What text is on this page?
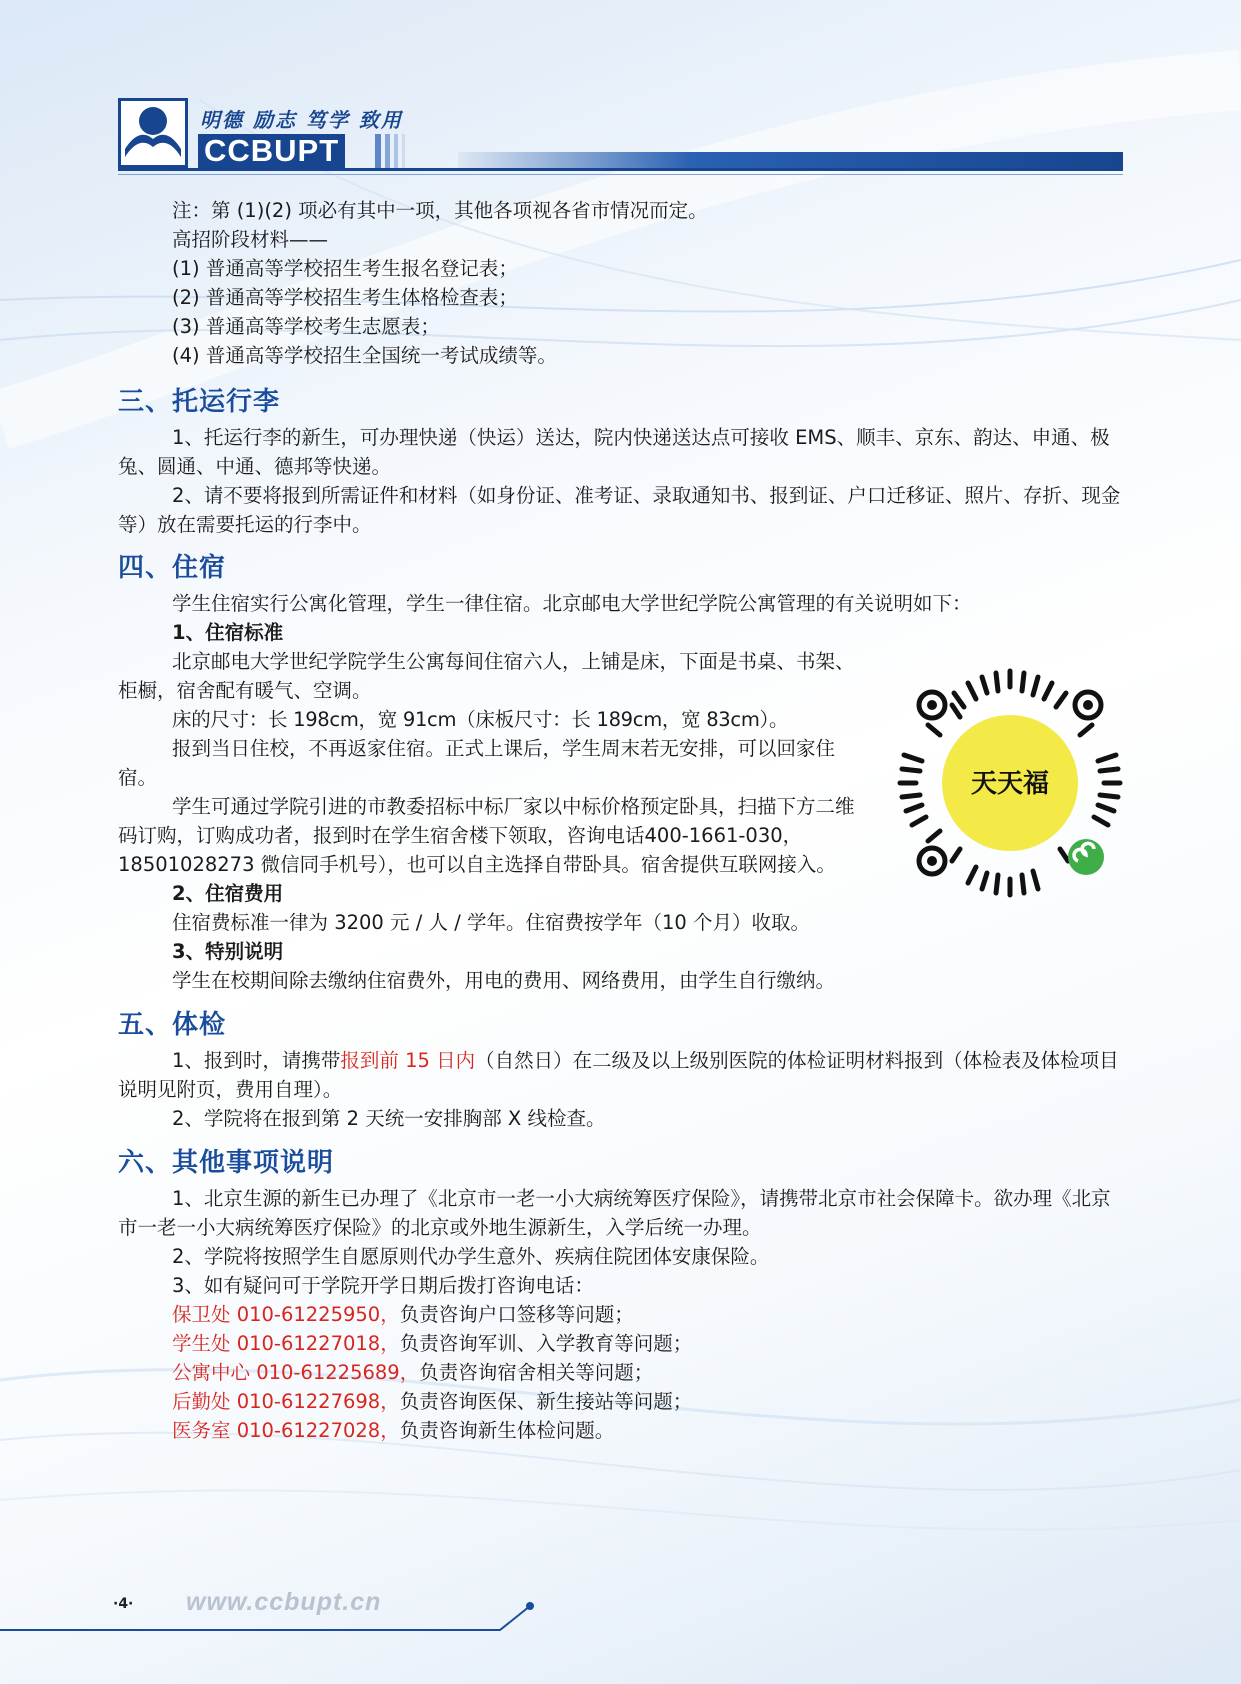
明德 励志 笃学 致用
CCBUPT

注：第 (1)(2) 项必有其中一项，其他各项视各省市情况而定。

高招阶段材料——

(1) 普通高等学校招生考生报名登记表；

(2) 普通高等学校招生考生体格检查表；

(3) 普通高等学校考生志愿表；

(4) 普通高等学校招生全国统一考试成绩等。

三、托运行李

1、托运行李的新生，可办理快递（快运）送达，院内快递送达点可接收 EMS、顺丰、京东、韵达、申通、极兔、圆通、中通、德邦等快递。

2、请不要将报到所需证件和材料（如身份证、准考证、录取通知书、报到证、户口迁移证、照片、存折、现金等）放在需要托运的行李中。

四、住宿

学生住宿实行公寓化管理，学生一律住宿。北京邮电大学世纪学院公寓管理的有关说明如下：

1、住宿标准

北京邮电大学世纪学院学生公寓每间住宿六人，上铺是床，下面是书桌、书架、柜橱，宿舍配有暖气、空调。

床的尺寸：长 198cm，宽 91cm（床板尺寸：长 189cm，宽 83cm）。

报到当日住校，不再返家住宿。正式上课后，学生周末若无安排，可以回家住宿。

学生可通过学院引进的市教委招标中标厂家以中标价格预定卧具，扫描下方二维码订购，订购成功者，报到时在学生宿舍楼下领取，咨询电话400-1661-030，18501028273 微信同手机号），也可以自主选择自带卧具。宿舍提供互联网接入。

天天福

2、住宿费用

住宿费标准一律为 3200 元 / 人 / 学年。住宿费按学年（10 个月）收取。

3、特别说明

学生在校期间除去缴纳住宿费外，用电的费用、网络费用，由学生自行缴纳。

五、体检

1、报到时，请携带报到前 15 日内（自然日）在二级及以上级别医院的体检证明材料报到（体检表及体检项目说明见附页，费用自理）。

2、学院将在报到第 2 天统一安排胸部 X 线检查。

六、其他事项说明

1、北京生源的新生已办理了《北京市一老一小大病统筹医疗保险》，请携带北京市社会保障卡。欲办理《北京市一老一小大病统筹医疗保险》的北京或外地生源新生，入学后统一办理。

2、学院将按照学生自愿原则代办学生意外、疾病住院团体安康保险。

3、如有疑问可于学院开学日期后拨打咨询电话：

保卫处 010-61225950，负责咨询户口签移等问题；

学生处 010-61227018，负责咨询军训、入学教育等问题；

公寓中心 010-61225689，负责咨询宿舍相关等问题；

后勤处 010-61227698，负责咨询医保、新生接站等问题；

医务室 010-61227028，负责咨询新生体检问题。

·4· www.ccbupt.cn
